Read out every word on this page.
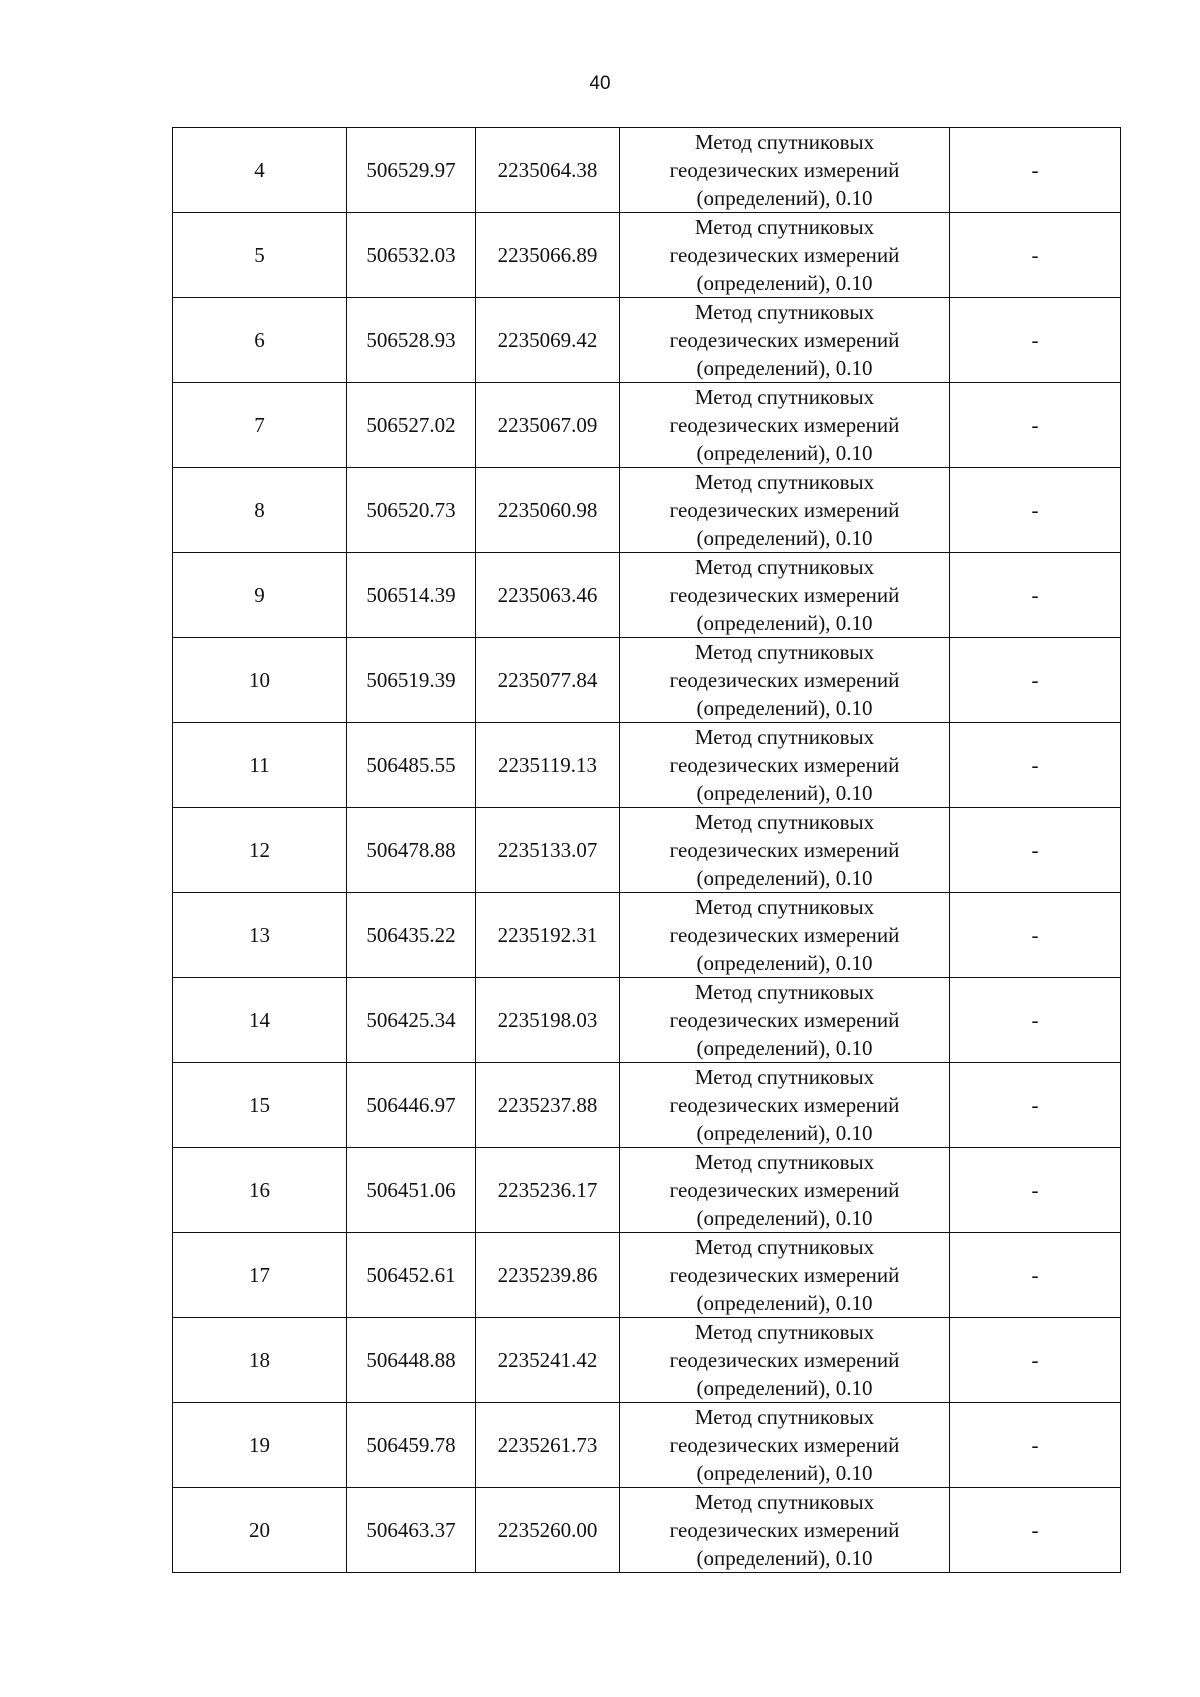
40
4	506529.97	2235064.38	Метод спутниковых
геодезических измерений
(определений), 0.10	-
5	506532.03	2235066.89	Метод спутниковых
геодезических измерений
(определений), 0.10	-
6	506528.93	2235069.42	Метод спутниковых
геодезических измерений
(определений), 0.10	-
7	506527.02	2235067.09	Метод спутниковых
геодезических измерений
(определений), 0.10	-
8	506520.73	2235060.98	Метод спутниковых
геодезических измерений
(определений), 0.10	-
9	506514.39	2235063.46	Метод спутниковых
геодезических измерений
(определений), 0.10	-
10	506519.39	2235077.84	Метод спутниковых
геодезических измерений
(определений), 0.10	-
11	506485.55	2235119.13	Метод спутниковых
геодезических измерений
(определений), 0.10	-
12	506478.88	2235133.07	Метод спутниковых
геодезических измерений
(определений), 0.10	-
13	506435.22	2235192.31	Метод спутниковых
геодезических измерений
(определений), 0.10	-
14	506425.34	2235198.03	Метод спутниковых
геодезических измерений
(определений), 0.10	-
15	506446.97	2235237.88	Метод спутниковых
геодезических измерений
(определений), 0.10	-
16	506451.06	2235236.17	Метод спутниковых
геодезических измерений
(определений), 0.10	-
17	506452.61	2235239.86	Метод спутниковых
геодезических измерений
(определений), 0.10	-
18	506448.88	2235241.42	Метод спутниковых
геодезических измерений
(определений), 0.10	-
19	506459.78	2235261.73	Метод спутниковых
геодезических измерений
(определений), 0.10	-
20	506463.37	2235260.00	Метод спутниковых
геодезических измерений
(определений), 0.10	-
